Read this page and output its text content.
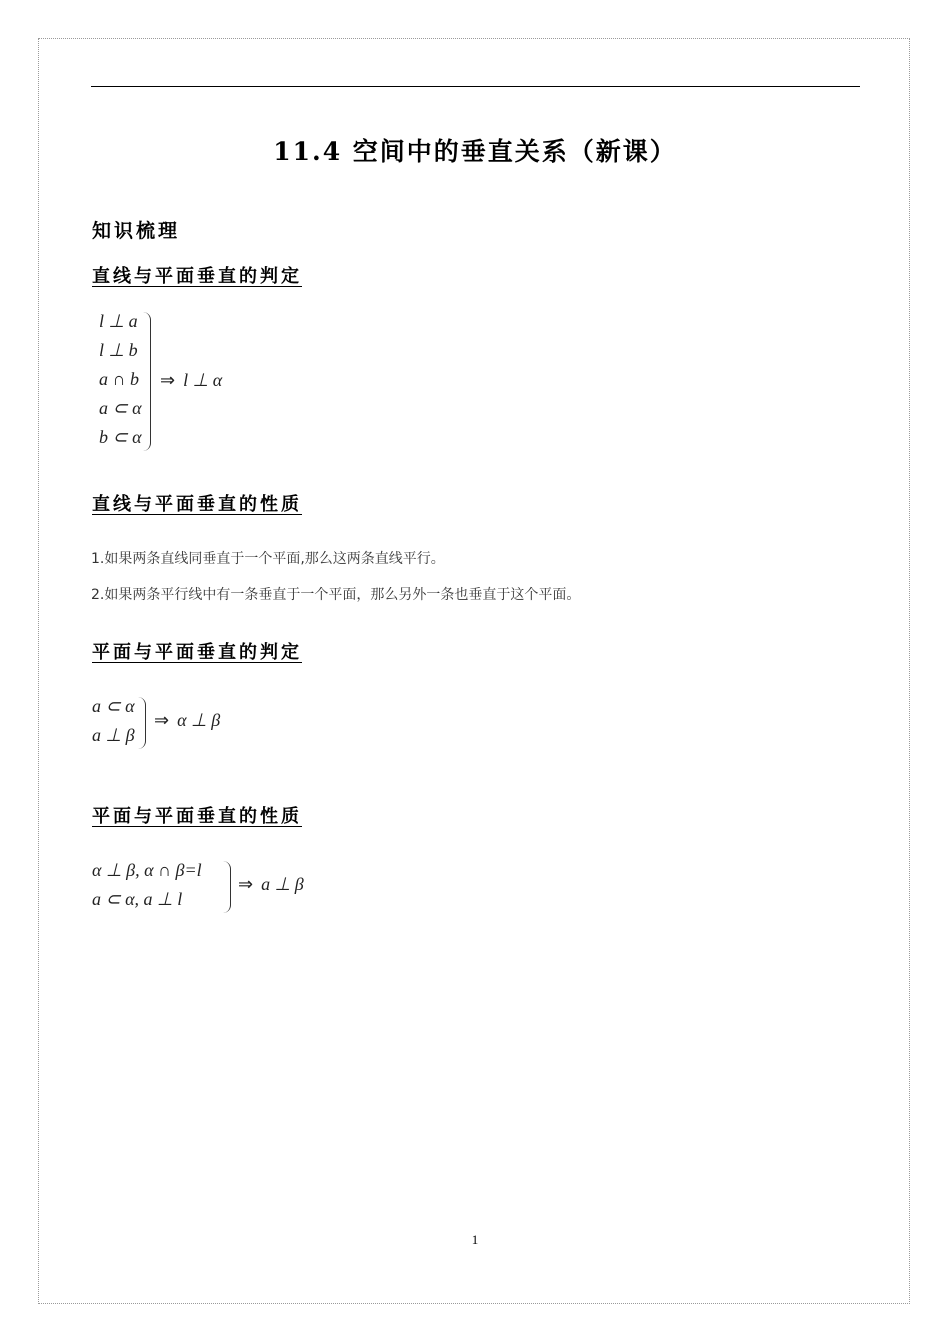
11.4 空间中的垂直关系（新课）
知识梳理
直线与平面垂直的判定
l ⊥ a
l ⊥ b
a ∩ b
a ⊂ α
b ⊂ α
⇒ l ⊥ α
直线与平面垂直的性质
1.如果两条直线同垂直于一个平面,那么这两条直线平行。
2.如果两条平行线中有一条垂直于一个平面，那么另外一条也垂直于这个平面。
平面与平面垂直的判定
a ⊂ α
a ⊥ β
⇒ α ⊥ β
平面与平面垂直的性质
α ⊥ β, α ∩ β=l
a ⊂ α, a ⊥ l
⇒ a ⊥ β
1
